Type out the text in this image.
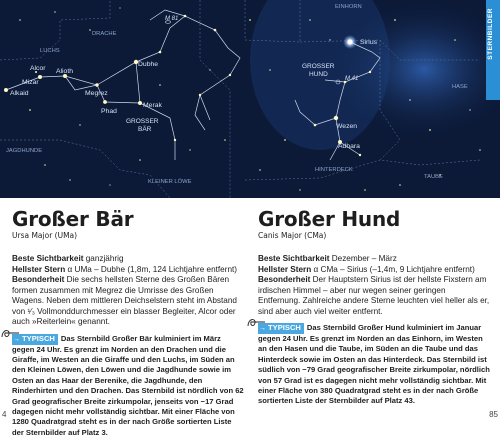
DRACHE
LUCHS
JAGDHUNDE
KLEINER LÖWE
EINHORN
HASE
HINTERDECK
TAUBE
GROSSER
BÄR
GROSSER
HUND
Alcor
Mizar
Alkaid
Alioth
Megrez
Phad
Dubhe
Merak
Sirius
Wezen
Adhara
M 81
M 41
STERNBILDER
Großer Bär
Ursa Major (UMa)
Beste Sichtbarkeit ganzjährig
Hellster Stern α UMa – Dubhe (1,8m, 124 Lichtjahre entfernt)
Besonderheit Die sechs hellsten Sterne des Großen Bären formen zusammen mit Megrez die Umrisse des Großen Wagens. Neben dem mittleren Deichselstern steht im Abstand von ¹⁄₃ Vollmonddurchmesser ein blasser Begleiter, Alcor oder auch »Reiterlein« genannt.
→ TYPISCH Das Sternbild Großer Bär kulminiert im März gegen 24 Uhr. Es grenzt im Norden an den Drachen und die Giraffe, im Westen an die Giraffe und den Luchs, im Süden an den Kleinen Löwen, den Löwen und die Jagdhunde sowie im Osten an das Haar der Berenike, die Jagdhunde, den Rinderhirten und den Drachen. Das Sternbild ist nördlich von 62 Grad geografischer Breite zirkumpolar, jenseits von −17 Grad dagegen nicht mehr vollständig sichtbar. Mit einer Fläche von 1280 Quadratgrad steht es in der nach Größe sortierten Liste der Sternbilder auf Platz 3.
Großer Hund
Canis Major (CMa)
Beste Sichtbarkeit Dezember – März
Hellster Stern α CMa – Sirius (–1,4m, 9 Lichtjahre entfernt)
Besonderheit Der Hauptstern Sirius ist der hellste Fixstern am irdischen Himmel – aber nur wegen seiner geringen Entfernung. Zahlreiche andere Sterne leuchten viel heller als er, sind aber auch viel weiter entfernt.
→ TYPISCH Das Sternbild Großer Hund kulminiert im Januar gegen 24 Uhr. Es grenzt im Norden an das Einhorn, im Westen an den Hasen und die Taube, im Süden an die Taube und das Hinterdeck sowie im Osten an das Hinterdeck. Das Sternbild ist südlich von −79 Grad geografischer Breite zirkumpolar, nördlich von 57 Grad ist es dagegen nicht mehr vollständig sichtbar. Mit einer Fläche von 380 Quadratgrad steht es in der nach Größe sortierten Liste der Sternbilder auf Platz 43.
4	85
